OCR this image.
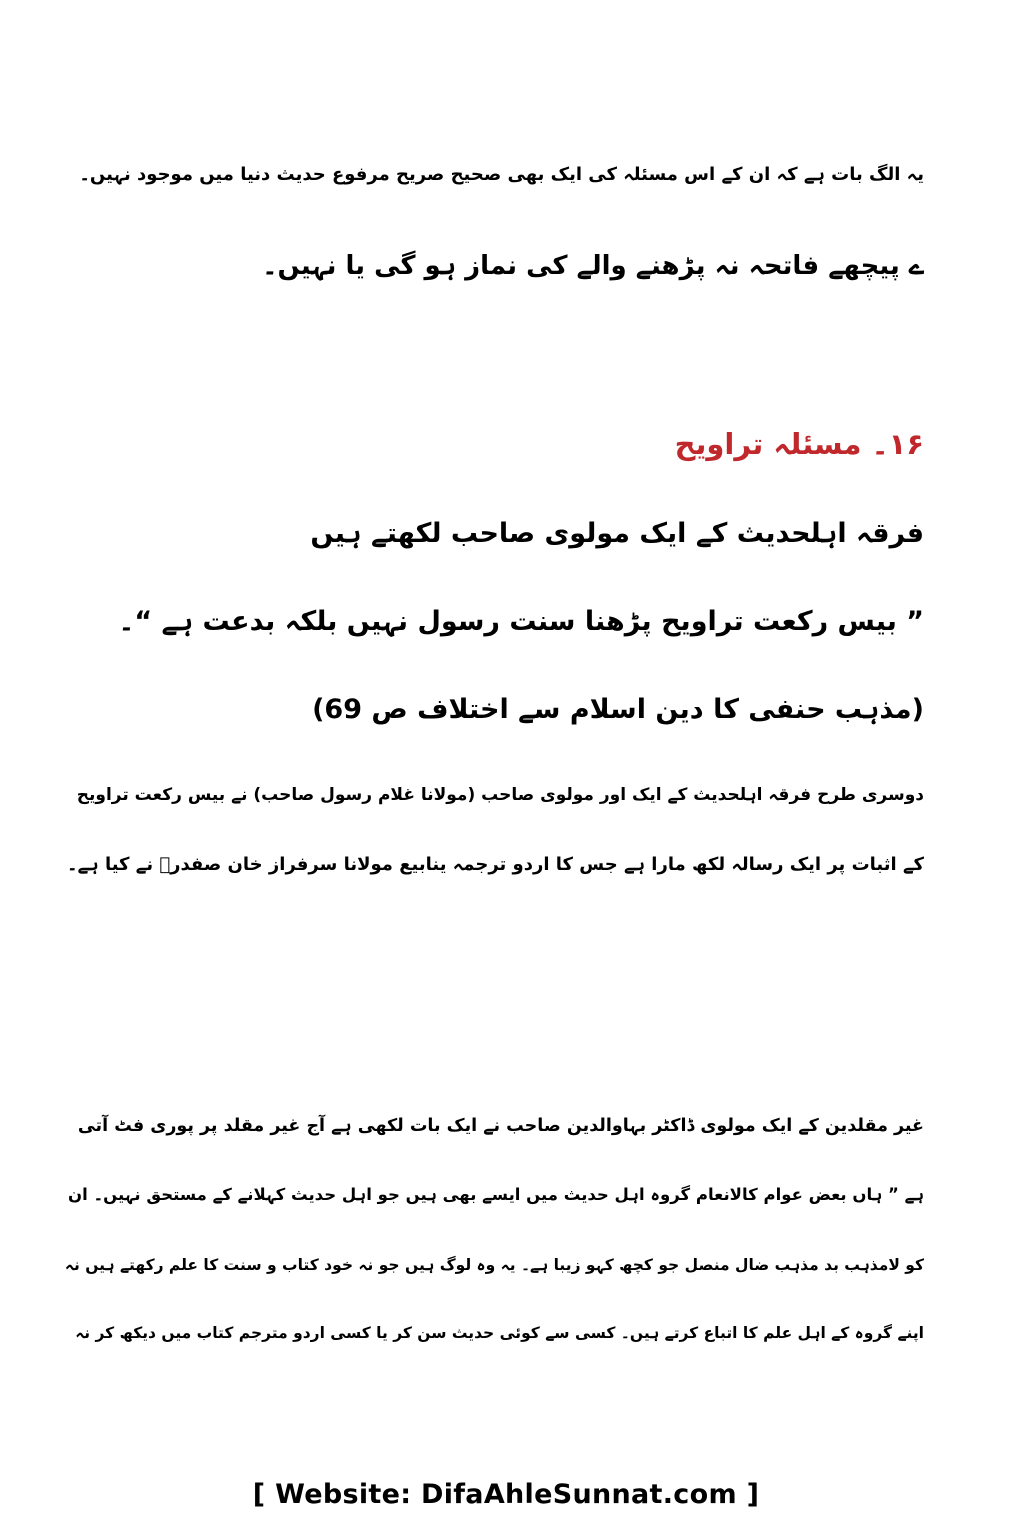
یہ الگ بات ہے کہ ان کے اس مسئلہ کی ایک بھی صحیح صریح مرفوع حدیث دنیا میں موجود نہیں۔
ے پیچھے فاتحہ نہ پڑھنے والے کی نماز ہو گی یا نہیں۔
۱۶۔ مسئلہ تراویح
فرقہ اہلحدیث کے ایک مولوی صاحب لکھتے ہیں
” بیس رکعت تراویح پڑھنا سنت رسول نہیں بلکہ بدعت ہے “۔
(مذہب حنفی کا دین اسلام سے اختلاف ص 69)
دوسری طرح فرقہ اہلحدیث کے ایک اور مولوی صاحب (مولانا غلام رسول صاحب) نے بیس رکعت تراویح
کے اثبات پر ایک رسالہ لکھ مارا ہے جس کا اردو ترجمہ ینابیع مولانا سرفراز خان صفدرؒ نے کیا ہے۔
غیر مقلدین کے ایک مولوی ڈاکٹر بہاوالدین صاحب نے ایک بات لکھی ہے آج غیر مقلد پر پوری فٹ آتی
ہے ” ہاں بعض عوام کالانعام گروہ اہل حدیث میں ایسے بھی ہیں جو اہل حدیث کہلانے کے مستحق نہیں۔ ان
کو لامذہب بد مذہب ضال منصل جو کچھ کہو زیبا ہے۔ یہ وہ لوگ ہیں جو نہ خود کتاب و سنت کا علم رکھتے ہیں نہ
اپنے گروہ کے اہل علم کا اتباع کرتے ہیں۔ کسی سے کوئی حدیث سن کر یا کسی اردو مترجم کتاب میں دیکھ کر نہ
[ Website: DifaAhleSunnat.com ]
